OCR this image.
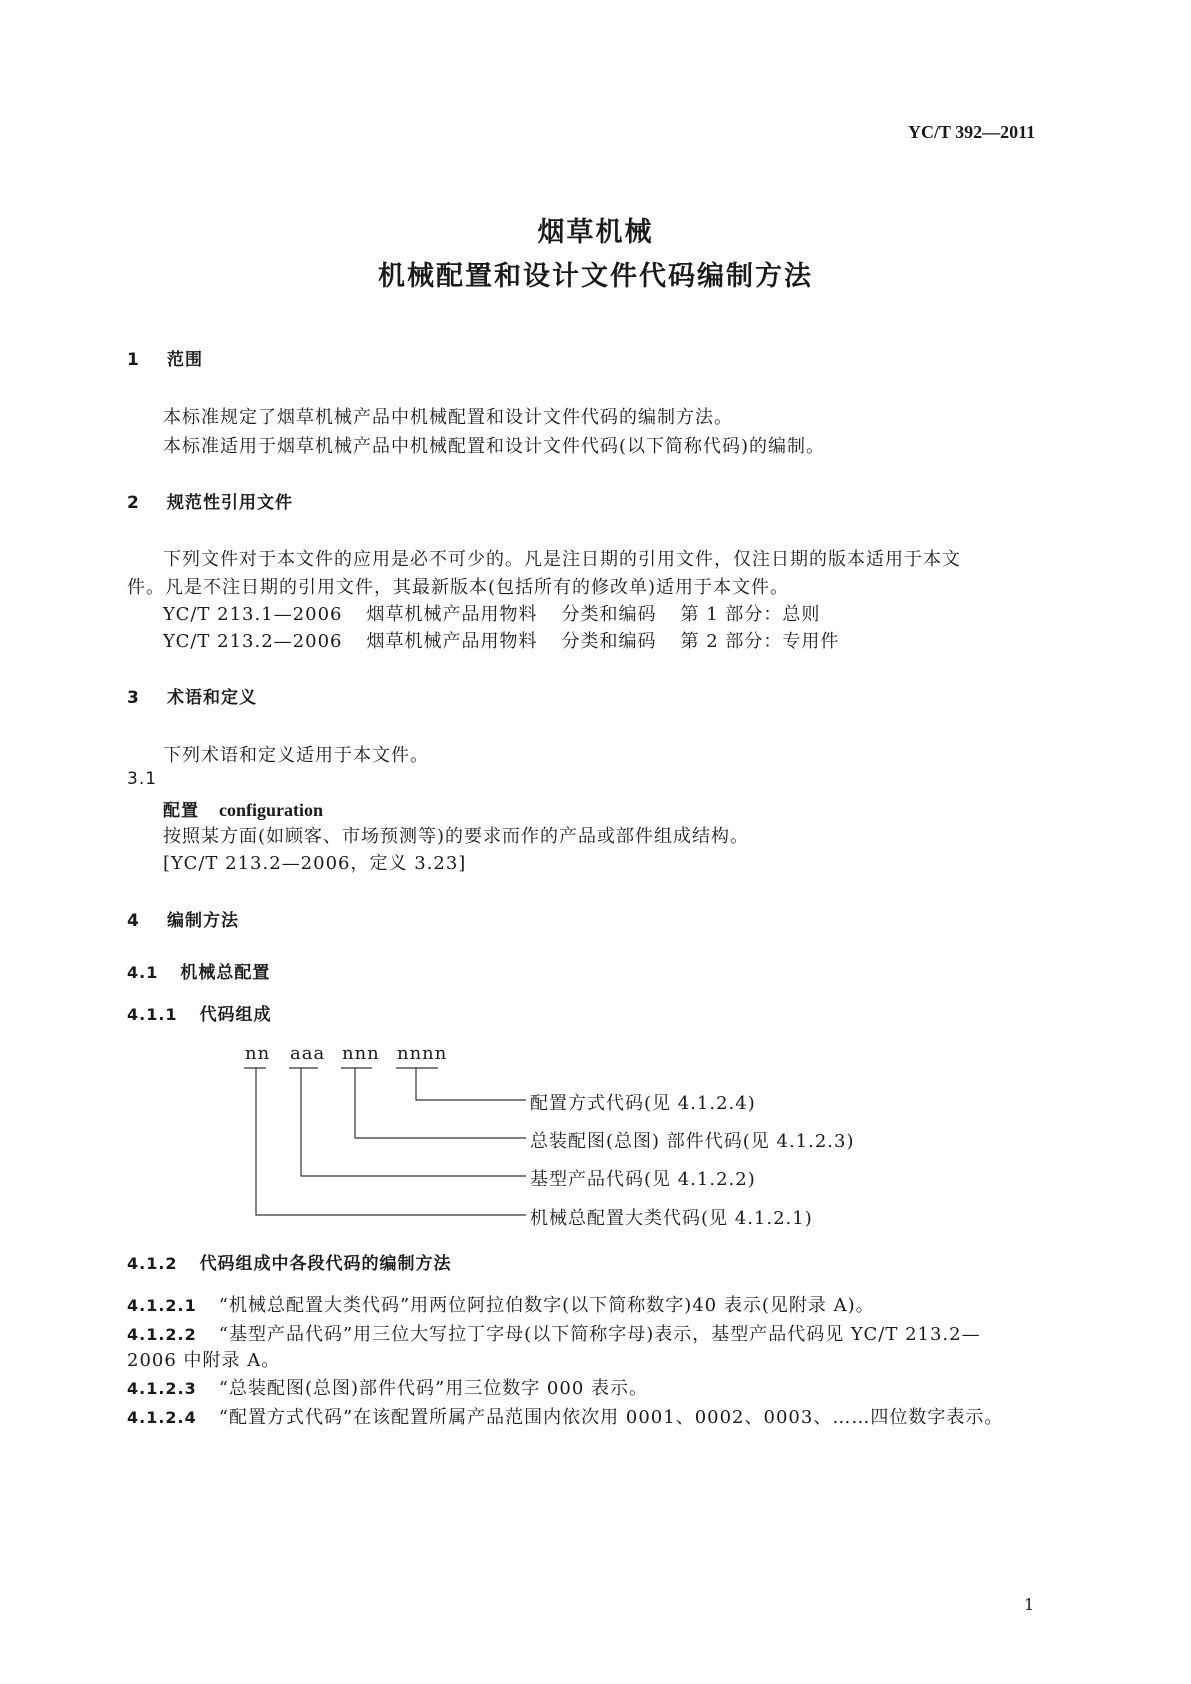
YC/T 392—2011
烟草机械
机械配置和设计文件代码编制方法
1 范围
本标准规定了烟草机械产品中机械配置和设计文件代码的编制方法。
本标准适用于烟草机械产品中机械配置和设计文件代码(以下简称代码)的编制。
2 规范性引用文件
下列文件对于本文件的应用是必不可少的。凡是注日期的引用文件，仅注日期的版本适用于本文
件。凡是不注日期的引用文件，其最新版本(包括所有的修改单)适用于本文件。
YC/T 213.1—2006 烟草机械产品用物料 分类和编码 第 1 部分：总则
YC/T 213.2—2006 烟草机械产品用物料 分类和编码 第 2 部分：专用件
3 术语和定义
下列术语和定义适用于本文件。
3.1
配置 configuration
按照某方面(如顾客、市场预测等)的要求而作的产品或部件组成结构。
[YC/T 213.2—2006，定义 3.23]
4 编制方法
4.1 机械总配置
4.1.1 代码组成
nn aaa nnn nnnn
配置方式代码(见 4.1.2.4)
总装配图(总图) 部件代码(见 4.1.2.3)
基型产品代码(见 4.1.2.2)
机械总配置大类代码(见 4.1.2.1)
4.1.2 代码组成中各段代码的编制方法
4.1.2.1 “机械总配置大类代码”用两位阿拉伯数字(以下简称数字)40 表示(见附录 A)。
4.1.2.2 “基型产品代码”用三位大写拉丁字母(以下简称字母)表示，基型产品代码见 YC/T 213.2—
2006 中附录 A。
4.1.2.3 “总装配图(总图)部件代码”用三位数字 000 表示。
4.1.2.4 “配置方式代码”在该配置所属产品范围内依次用 0001、0002、0003、……四位数字表示。
1
